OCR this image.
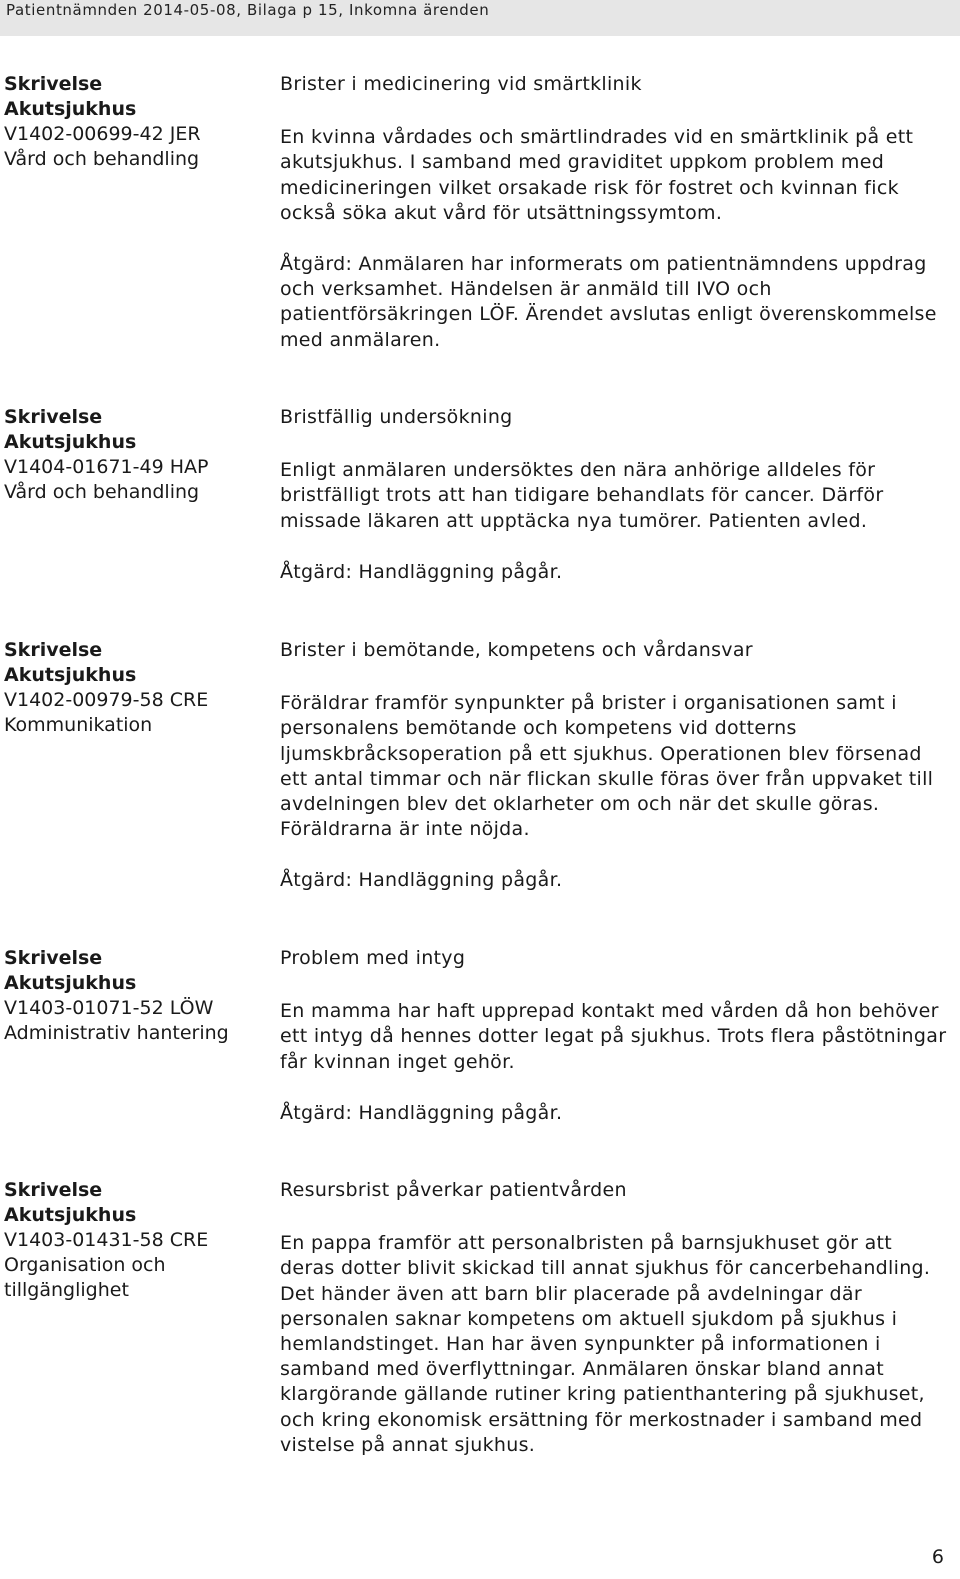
Patientnämnden 2014-05-08, Bilaga p 15, Inkomna ärenden
Skrivelse
Akutsjukhus
V1402-00699-42 JER
Vård och behandling

Brister i medicinering vid smärtklinik

En kvinna vårdades och smärtlindrades vid en smärtklinik på ett akutsjukhus. I samband med graviditet uppkom problem med medicineringen vilket orsakade risk för fostret och kvinnan fick också söka akut vård för utsättningssymtom.

Åtgärd: Anmälaren har informerats om patientnämndens uppdrag och verksamhet. Händelsen är anmäld till IVO och patientförsäkringen LÖF. Ärendet avslutas enligt överenskommelse med anmälaren.

Skrivelse
Akutsjukhus
V1404-01671-49 HAP
Vård och behandling

Bristfällig undersökning

Enligt anmälaren undersöktes den nära anhörige alldeles för bristfälligt trots att han tidigare behandlats för cancer. Därför missade läkaren att upptäcka nya tumörer. Patienten avled.

Åtgärd: Handläggning pågår.

Skrivelse
Akutsjukhus
V1402-00979-58 CRE
Kommunikation

Brister i bemötande, kompetens och vårdansvar

Föräldrar framför synpunkter på brister i organisationen samt i personalens bemötande och kompetens vid dotterns ljumskbråcksoperation på ett sjukhus. Operationen blev försenad ett antal timmar och när flickan skulle föras över från uppvaket till avdelningen blev det oklarheter om och när det skulle göras. Föräldrarna är inte nöjda.

Åtgärd: Handläggning pågår.

Skrivelse
Akutsjukhus
V1403-01071-52 LÖW
Administrativ hantering

Problem med intyg

En mamma har haft upprepad kontakt med vården då hon behöver ett intyg då hennes dotter legat på sjukhus. Trots flera påstötningar får kvinnan inget gehör.

Åtgärd: Handläggning pågår.

Skrivelse
Akutsjukhus
V1403-01431-58 CRE
Organisation och tillgänglighet

Resursbrist påverkar patientvården

En pappa framför att personalbristen på barnsjukhuset gör att deras dotter blivit skickad till annat sjukhus för cancerbehandling. Det händer även att barn blir placerade på avdelningar där personalen saknar kompetens om aktuell sjukdom på sjukhus i hemlandstinget. Han har även synpunkter på informationen i samband med överflyttningar. Anmälaren önskar bland annat klargörande gällande rutiner kring patienthantering på sjukhuset, och kring ekonomisk ersättning för merkostnader i samband med vistelse på annat sjukhus.

6
